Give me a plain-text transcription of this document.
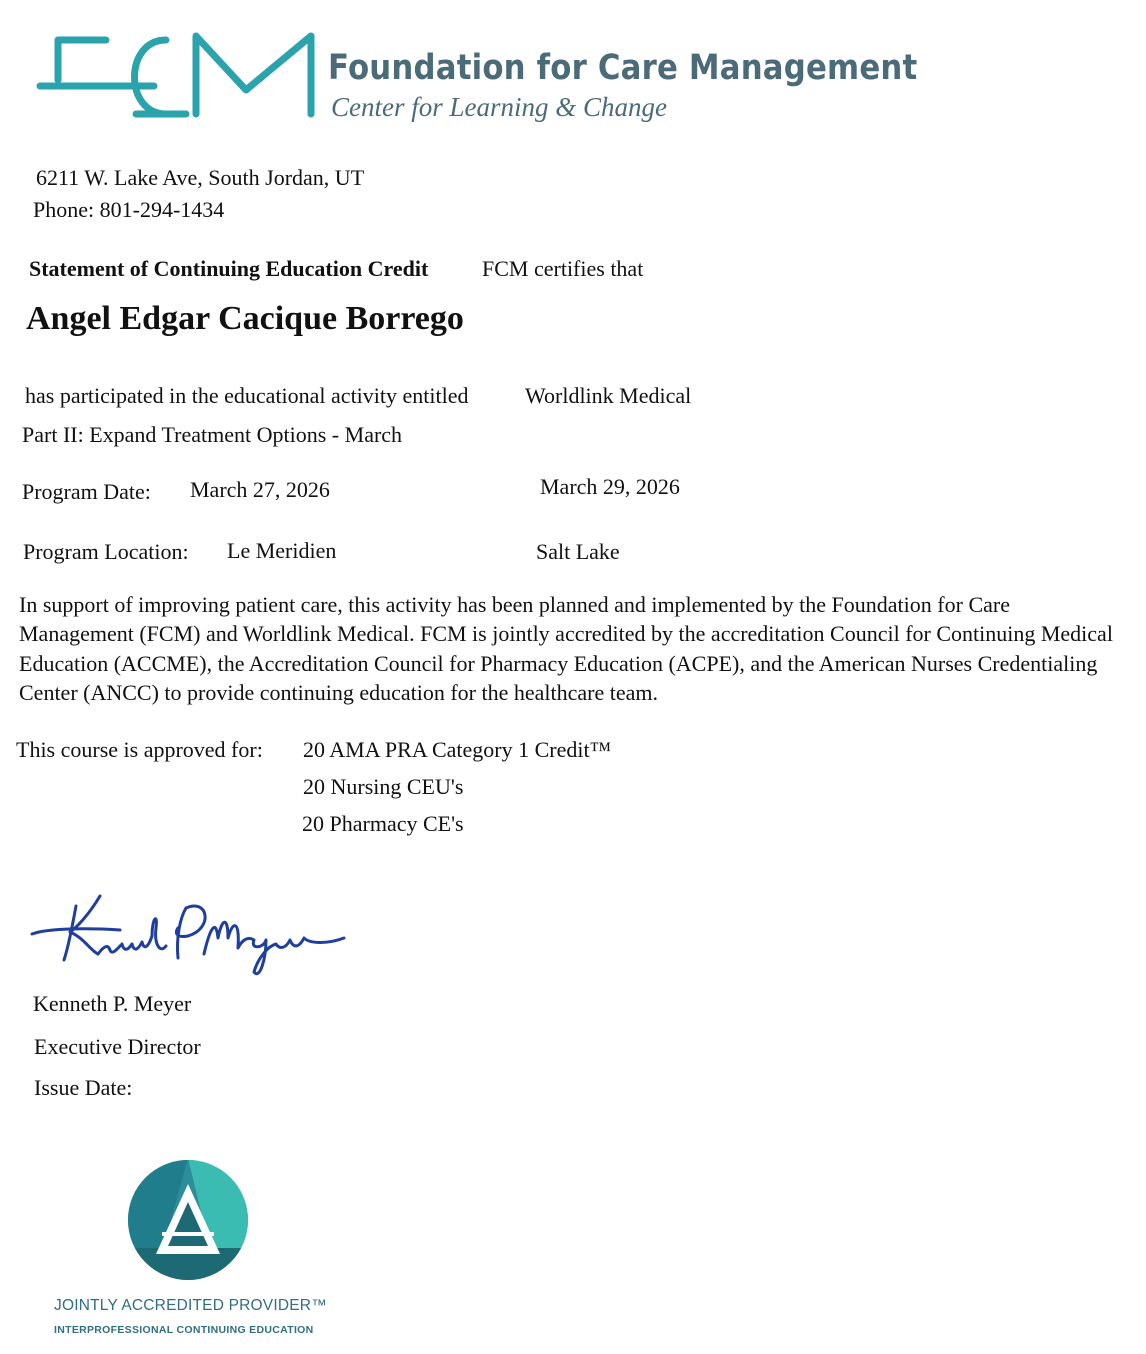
Foundation for Care Management
Center for Learning & Change
6211 W. Lake Ave, South Jordan, UT
Phone: 801-294-1434
Statement of Continuing Education Credit FCM certifies that
Angel Edgar Cacique Borrego
has participated in the educational activity entitled	Worldlink Medical
Part II: Expand Treatment Options - March
Program Date: March 27, 2026	March 29, 2026
Program Location: Le Meridien	Salt Lake
In support of improving patient care, this activity has been planned and implemented by the Foundation for Care Management (FCM) and Worldlink Medical. FCM is jointly accredited by the accreditation Council for Continuing Medical Education (ACCME), the Accreditation Council for Pharmacy Education (ACPE), and the American Nurses Credentialing Center (ANCC) to provide continuing education for the healthcare team.
This course is approved for: 20 AMA PRA Category 1 Credit™
20 Nursing CEU's
20 Pharmacy CE's
Kenneth P. Meyer
Executive Director
Issue Date:
JOINTLY ACCREDITED PROVIDER™
INTERPROFESSIONAL CONTINUING EDUCATION
